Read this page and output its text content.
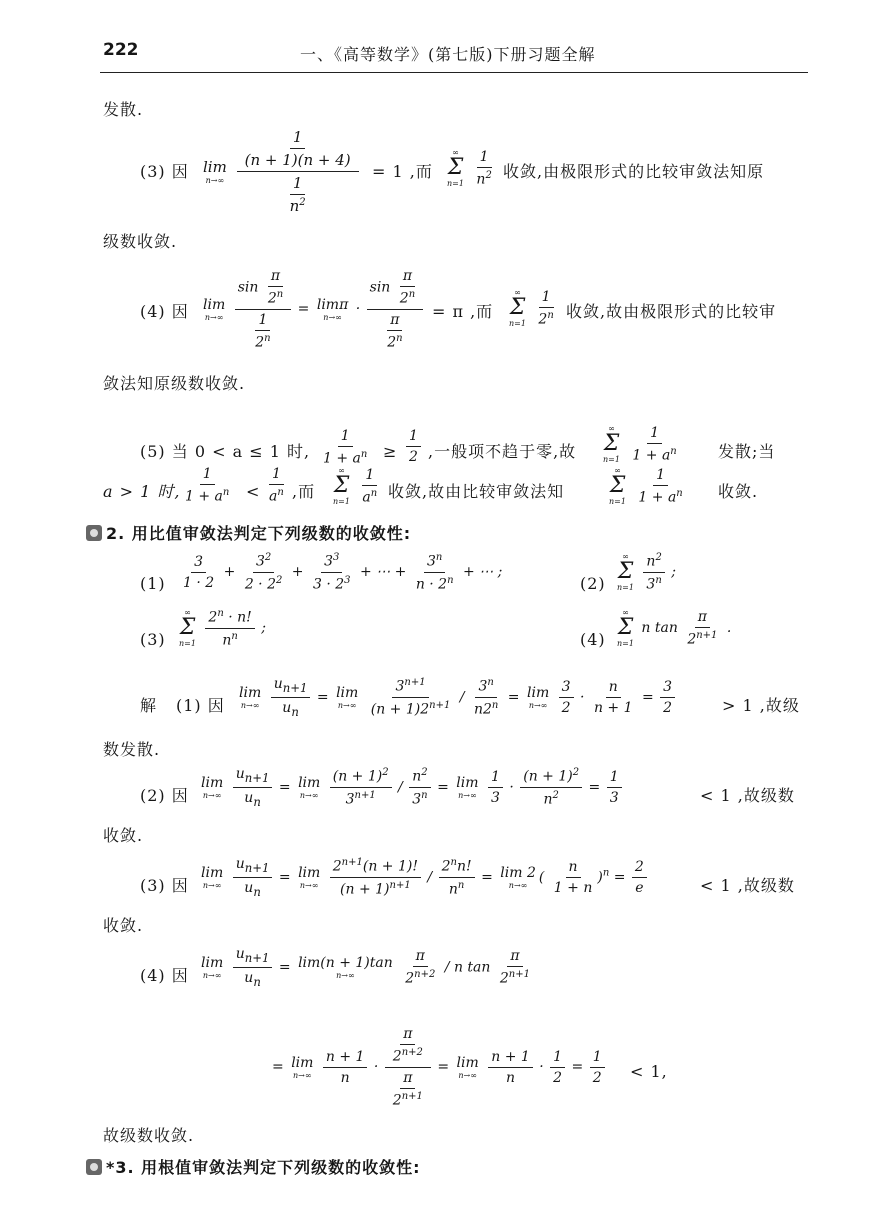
222	一、《高等数学》(第七版)下册习题全解
发散.
(3) 因 lim
n→∞
$\frac{\frac{1}{(n + 1)(n + 4)}}{\frac{1}{n^2}} = 1$ ,而
∞
Σ
n=1
$\frac{1}{n^2}$ 收敛,由极限形式的比较审敛法知原
级数收敛.
(4) 因 lim
n→∞
$\frac{\sin \frac{\pi}{2^n}}{\frac{1}{2^n}} = \lim\pi$
$n\to\infty \cdot \frac{\sin \frac{\pi}{2^n}}{\frac{\pi}{2^n}} = \pi$ ,而
∞
Σ
n=1
$\frac{1}{2^n}$ 收敛,故由极限形式的比较审
敛法知原级数收敛.
(5) 当 0 < a ≤ 1 时, $\frac{1}{1 + a^n} \ge \frac{1}{2}$ ,一般项不趋于零,故
∞
Σ
n=1
$\frac{1}{1 + a^n}$ 发散;当
a > 1 时, $\frac{1}{1 + a^n} < \frac{1}{a^n}$ ,而
∞
Σ
n=1
$\frac{1}{a^n}$ 收敛,故由比较审敛法知
∞
Σ
n=1
$\frac{1}{1 + a^n}$ 收敛.
2. 用比值审敛法判定下列级数的收敛性:
$(1) \frac{3}{1 \cdot 2} + \frac{3^2}{2 \cdot 2^2} + \frac{3^3}{3 \cdot 2^3}$ + ⋯ + $\frac{3^n}{n \cdot 2^n}$ + ⋯ ;
(2)
∞
Σ
n=1
$\frac{n^2}{3^n}$ ;
(3)
∞
Σ
n=1
$\frac{2^n \cdot n!}{n^n}$ ;
(4)
∞
Σ
n=1
n $\tan \frac{\pi}{2^{n+1}}$ .
解 (1) 因
lim
n→∞
$\frac{u_{n+1}}{u_n} = \lim$
n→∞
$\frac{3^{n+1}}{(n + 1)2^{n+1}} / \frac{3^n}{n2^n} = \lim$
n→∞
$\frac{3}{2} \cdot \frac{n}{n + 1} = \frac{3}{2}$	> 1 ,故级
数发散.
(2) 因
lim
n→∞
$\frac{u_{n+1}}{u_n} = \lim$
n→∞
$\frac{(n + 1)^2}{3^{n+1}} / \frac{n^2}{3^n} = \lim$
n→∞
$\frac{1}{3} \cdot \frac{(n + 1)^2}{n^2} = \frac{1}{3}$	< 1 ,故级数
收敛.
(3) 因
lim
n→∞
$\frac{u_{n+1}}{u_n} = \lim$
n→∞
$\frac{2^{n+1}(n + 1)!}{(n + 1)^{n+1}} / \frac{2^nn!}{n^n} = \lim 2$
n→∞ ( $\frac{n}{1 + n} )^n = \frac{2}{e}$	< 1 ,故级数
收敛.
(4) 因
lim
n→∞
$\frac{u_{n+1}}{u_n} = \lim(n + 1)\tan$
n→∞
	$\frac{\pi}{2^{n+2}}$ / n $\tan \frac{\pi}{2^{n+1}}$
= lim
n→∞
$\frac{n + 1}{n} \cdot \frac{\frac{\pi}{2^{n+2}}}{\frac{\pi}{2^{n+1}}} = \lim$
n→∞
$\frac{n + 1}{n} \cdot \frac{1}{2} = \frac{1}{2} < 1$,
故级数收敛.
*3. 用根值审敛法判定下列级数的收敛性:
